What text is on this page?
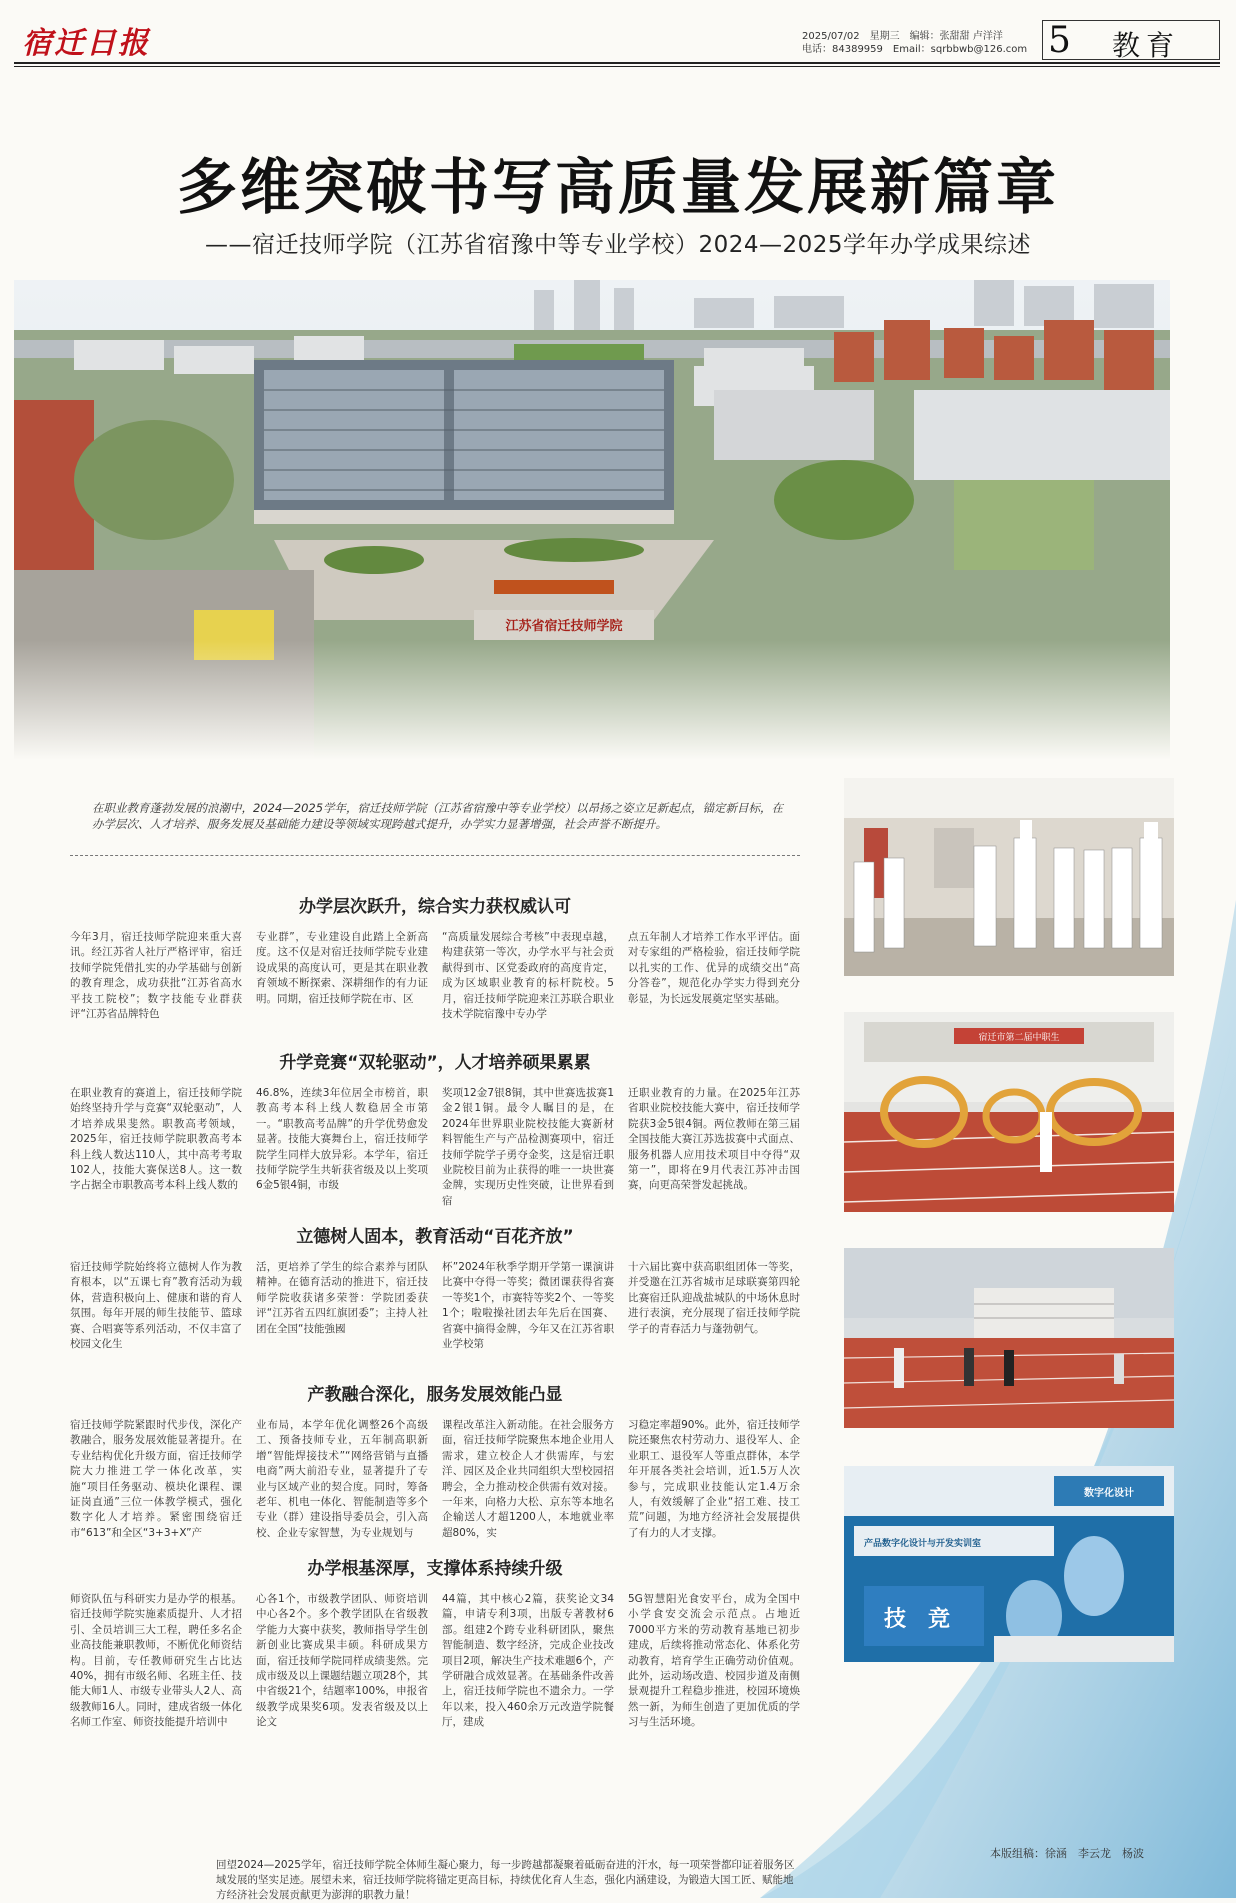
宿迁日报	2025/07/02　星期三　编辑：张甜甜 卢洋洋
电话：84389959　Email：sqrbbwb@126.com 5 教育
多维突破书写高质量发展新篇章
——宿迁技师学院（江苏省宿豫中等专业学校）2024—2025学年办学成果综述
在职业教育蓬勃发展的浪潮中，2024—2025学年，宿迁技师学院（江苏省宿豫中等专业学校）以昂扬之姿立足新起点，锚定新目标，在办学层次、人才培养、服务发展及基础能力建设等领域实现跨越式提升，办学实力显著增强，社会声誉不断提升。
办学层次跃升，综合实力获权威认可
今年3月，宿迁技师学院迎来重大喜讯。经江苏省人社厅严格评审，宿迁技师学院凭借扎实的办学基础与创新的教育理念，成功获批“江苏省高水平技工院校”；数字技能专业群获评“江苏省品牌特色
专业群”，专业建设自此踏上全新高度。这不仅是对宿迁技师学院专业建设成果的高度认可，更是其在职业教育领域不断探索、深耕细作的有力证明。同期，宿迁技师学院在市、区
“高质量发展综合考核”中表现卓越，构建获第一等次，办学水平与社会贡献得到市、区党委政府的高度肯定，成为区域职业教育的标杆院校。5月，宿迁技师学院迎来江苏联合职业技术学院宿豫中专办学
点五年制人才培养工作水平评估。面对专家组的严格检验，宿迁技师学院以扎实的工作、优异的成绩交出“高分答卷”，规范化办学实力得到充分彰显，为长远发展奠定坚实基础。
升学竞赛“双轮驱动”，人才培养硕果累累
在职业教育的赛道上，宿迁技师学院始终坚持升学与竞赛“双轮驱动”，人才培养成果斐然。职教高考领域，2025年，宿迁技师学院职教高考本科上线人数达110人，其中高考考取102人，技能大赛保送8人。这一数字占据全市职教高考本科上线人数的
46.8%，连续3年位居全市榜首，职教高考本科上线人数稳居全市第一。“职教高考品牌”的升学优势愈发显著。技能大赛舞台上，宿迁技师学院学生同样大放异彩。本学年，宿迁技师学院学生共斩获省级及以上奖项6金5银4铜，市级
奖项12金7银8铜，其中世赛选拔赛1金2银1铜。最令人瞩目的是，在2024年世界职业院校技能大赛新材料智能生产与产品检测赛项中，宿迁技师学院学子勇夺金奖，这是宿迁职业院校目前为止获得的唯一一块世赛金牌，实现历史性突破，让世界看到宿
迁职业教育的力量。在2025年江苏省职业院校技能大赛中，宿迁技师学院获3金5银4铜。两位教师在第三届全国技能大赛江苏选拔赛中式面点、服务机器人应用技术项目中夺得“双第一”，即将在9月代表江苏冲击国赛，向更高荣誉发起挑战。
立德树人固本，教育活动“百花齐放”
宿迁技师学院始终将立德树人作为教育根本，以“五课七育”教育活动为载体，营造积极向上、健康和谐的育人氛围。每年开展的师生技能节、篮球赛、合唱赛等系列活动，不仅丰富了校园文化生
活，更培养了学生的综合素养与团队精神。在德育活动的推进下，宿迁技师学院收获诸多荣誉：学院团委获评“江苏省五四红旗团委”；主持人社团在全国“技能強國
杯”2024年秋季学期开学第一课演讲比赛中夺得一等奖；微团课获得省赛一等奖1个，市赛特等奖2个、一等奖1个；啦啦操社团去年先后在国赛、省赛中摘得金牌，今年又在江苏省职业学校第
十六届比赛中获高职组团体一等奖，并受邀在江苏省城市足球联赛第四轮比赛宿迁队迎战盐城队的中场休息时进行表演，充分展现了宿迁技师学院学子的青春活力与蓬勃朝气。
产教融合深化，服务发展效能凸显
宿迁技师学院紧跟时代步伐，深化产教融合，服务发展效能显著提升。在专业结构优化升级方面，宿迁技师学院大力推进工学一体化改革，实施“项目任务驱动、模块化课程、课证岗直通”三位一体教学模式，强化数字化人才培养。紧密围绕宿迁市“613”和全区“3+3+X”产
业布局，本学年优化调整26个高级工、预备技师专业，五年制高职新增“智能焊接技术”“网络营销与直播电商”两大前沿专业，显著提升了专业与区域产业的契合度。同时，筹备老年、机电一体化、智能制造等多个专业（群）建设指导委员会，引入高校、企业专家智慧，为专业规划与
课程改革注入新动能。在社会服务方面，宿迁技师学院聚焦本地企业用人需求，建立校企人才供需库，与宏洋、园区及企业共同组织大型校园招聘会，全力推动校企供需有效对接。一年来，向格力大松、京东等本地名企输送人才超1200人，本地就业率超80%，实
习稳定率超90%。此外，宿迁技师学院还聚焦农村劳动力、退役军人、企业职工、退役军人等重点群体，本学年开展各类社会培训，近1.5万人次参与，完成职业技能认定1.4万余人，有效缓解了企业“招工难、技工荒”问题，为地方经济社会发展提供了有力的人才支撑。
办学根基深厚，支撑体系持续升级
师资队伍与科研实力是办学的根基。宿迁技师学院实施素质提升、人才招引、全员培训三大工程，聘任多名企业高技能兼职教师，不断优化师资结构。目前，专任教师研究生占比达40%，拥有市级名师、名班主任、技能大师1人、市级专业带头人2人、高级教师16人。同时，建成省级一体化名师工作室、师资技能提升培训中
心各1个，市级教学团队、师资培训中心各2个。多个教学团队在省级教学能力大赛中获奖，教师指导学生创新创业比赛成果丰硕。科研成果方面，宿迁技师学院同样成绩斐然。完成市级及以上课题结题立项28个，其中省级21个，结题率100%，申报省级教学成果奖6项。发表省级及以上论文
44篇，其中核心2篇，获奖论文34篇，申请专利3项，出版专著教材6部。组建2个跨专业科研团队，聚焦智能制造、数字经济，完成企业技改项目2项，解决生产技术难题6个，产学研融合成效显著。在基础条件改善上，宿迁技师学院也不遗余力。一学年以来，投入460余万元改造学院餐厅，建成
5G智慧阳光食安平台，成为全国中小学食安交流会示范点。占地近7000平方米的劳动教育基地已初步建成，后续将推动常态化、体系化劳动教育，培育学生正确劳动价值观。此外，运动场改造、校园步道及南侧景观提升工程稳步推进，校园环境焕然一新，为师生创造了更加优质的学习与生活环境。
宿迁市第二届中职生
数字化设计
产品数字化设计与开发实训室
技　竞
本版组稿：徐涵　李云龙　杨波
回望2024—2025学年，宿迁技师学院全体师生凝心聚力，每一步跨越都凝聚着砥砺奋进的汗水，每一项荣誉都印证着服务区域发展的坚实足迹。展望未来，宿迁技师学院将锚定更高目标，持续优化育人生态，强化内涵建设，为锻造大国工匠、赋能地方经济社会发展贡献更为澎湃的职教力量！
